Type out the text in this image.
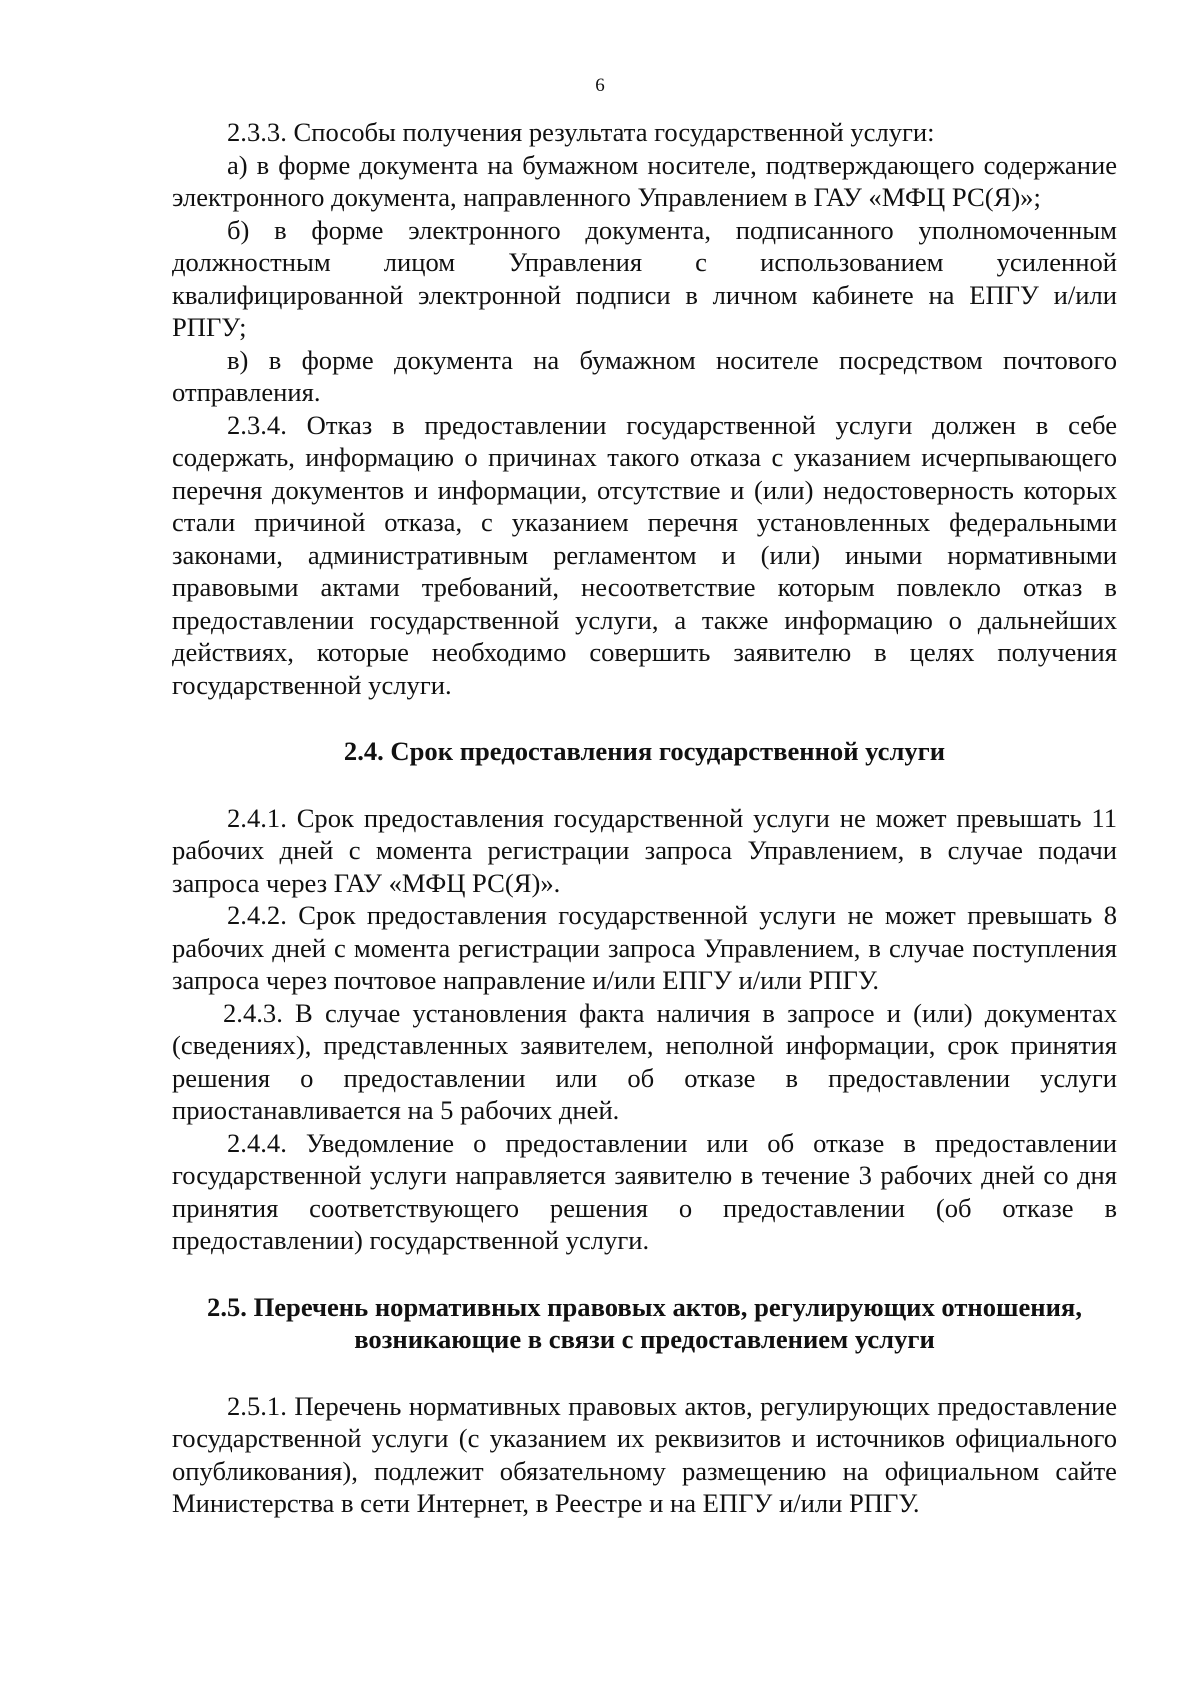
6

2.3.3. Способы получения результата государственной услуги:

а) в форме документа на бумажном носителе, подтверждающего содержание электронного документа, направленного Управлением в ГАУ «МФЦ РС(Я)»;

б) в форме электронного документа, подписанного уполномоченным должностным лицом Управления с использованием усиленной квалифицированной электронной подписи в личном кабинете на ЕПГУ и/или РПГУ;

в) в форме документа на бумажном носителе посредством почтового отправления.

2.3.4. Отказ в предоставлении государственной услуги должен в себе содержать, информацию о причинах такого отказа с указанием исчерпывающего перечня документов и информации, отсутствие и (или) недостоверность которых стали причиной отказа, с указанием перечня установленных федеральными законами, административным регламентом и (или) иными нормативными правовыми актами требований, несоответствие которым повлекло отказ в предоставлении государственной услуги, а также информацию о дальнейших действиях, которые необходимо совершить заявителю в целях получения государственной услуги.

2.4. Срок предоставления государственной услуги

2.4.1. Срок предоставления государственной услуги не может превышать 11 рабочих дней с момента регистрации запроса Управлением, в случае подачи запроса через ГАУ «МФЦ РС(Я)».

2.4.2. Срок предоставления государственной услуги не может превышать 8 рабочих дней с момента регистрации запроса Управлением, в случае поступления запроса через почтовое направление и/или ЕПГУ и/или РПГУ.

2.4.3. В случае установления факта наличия в запросе и (или) документах (сведениях), представленных заявителем, неполной информации, срок принятия решения о предоставлении или об отказе в предоставлении услуги приостанавливается на 5 рабочих дней.

2.4.4. Уведомление о предоставлении или об отказе в предоставлении государственной услуги направляется заявителю в течение 3 рабочих дней со дня принятия соответствующего решения о предоставлении (об отказе в предоставлении) государственной услуги.

2.5. Перечень нормативных правовых актов, регулирующих отношения,

возникающие в связи с предоставлением услуги

2.5.1. Перечень нормативных правовых актов, регулирующих предоставление государственной услуги (с указанием их реквизитов и источников официального опубликования), подлежит обязательному размещению на официальном сайте Министерства в сети Интернет, в Реестре и на ЕПГУ и/или РПГУ.
